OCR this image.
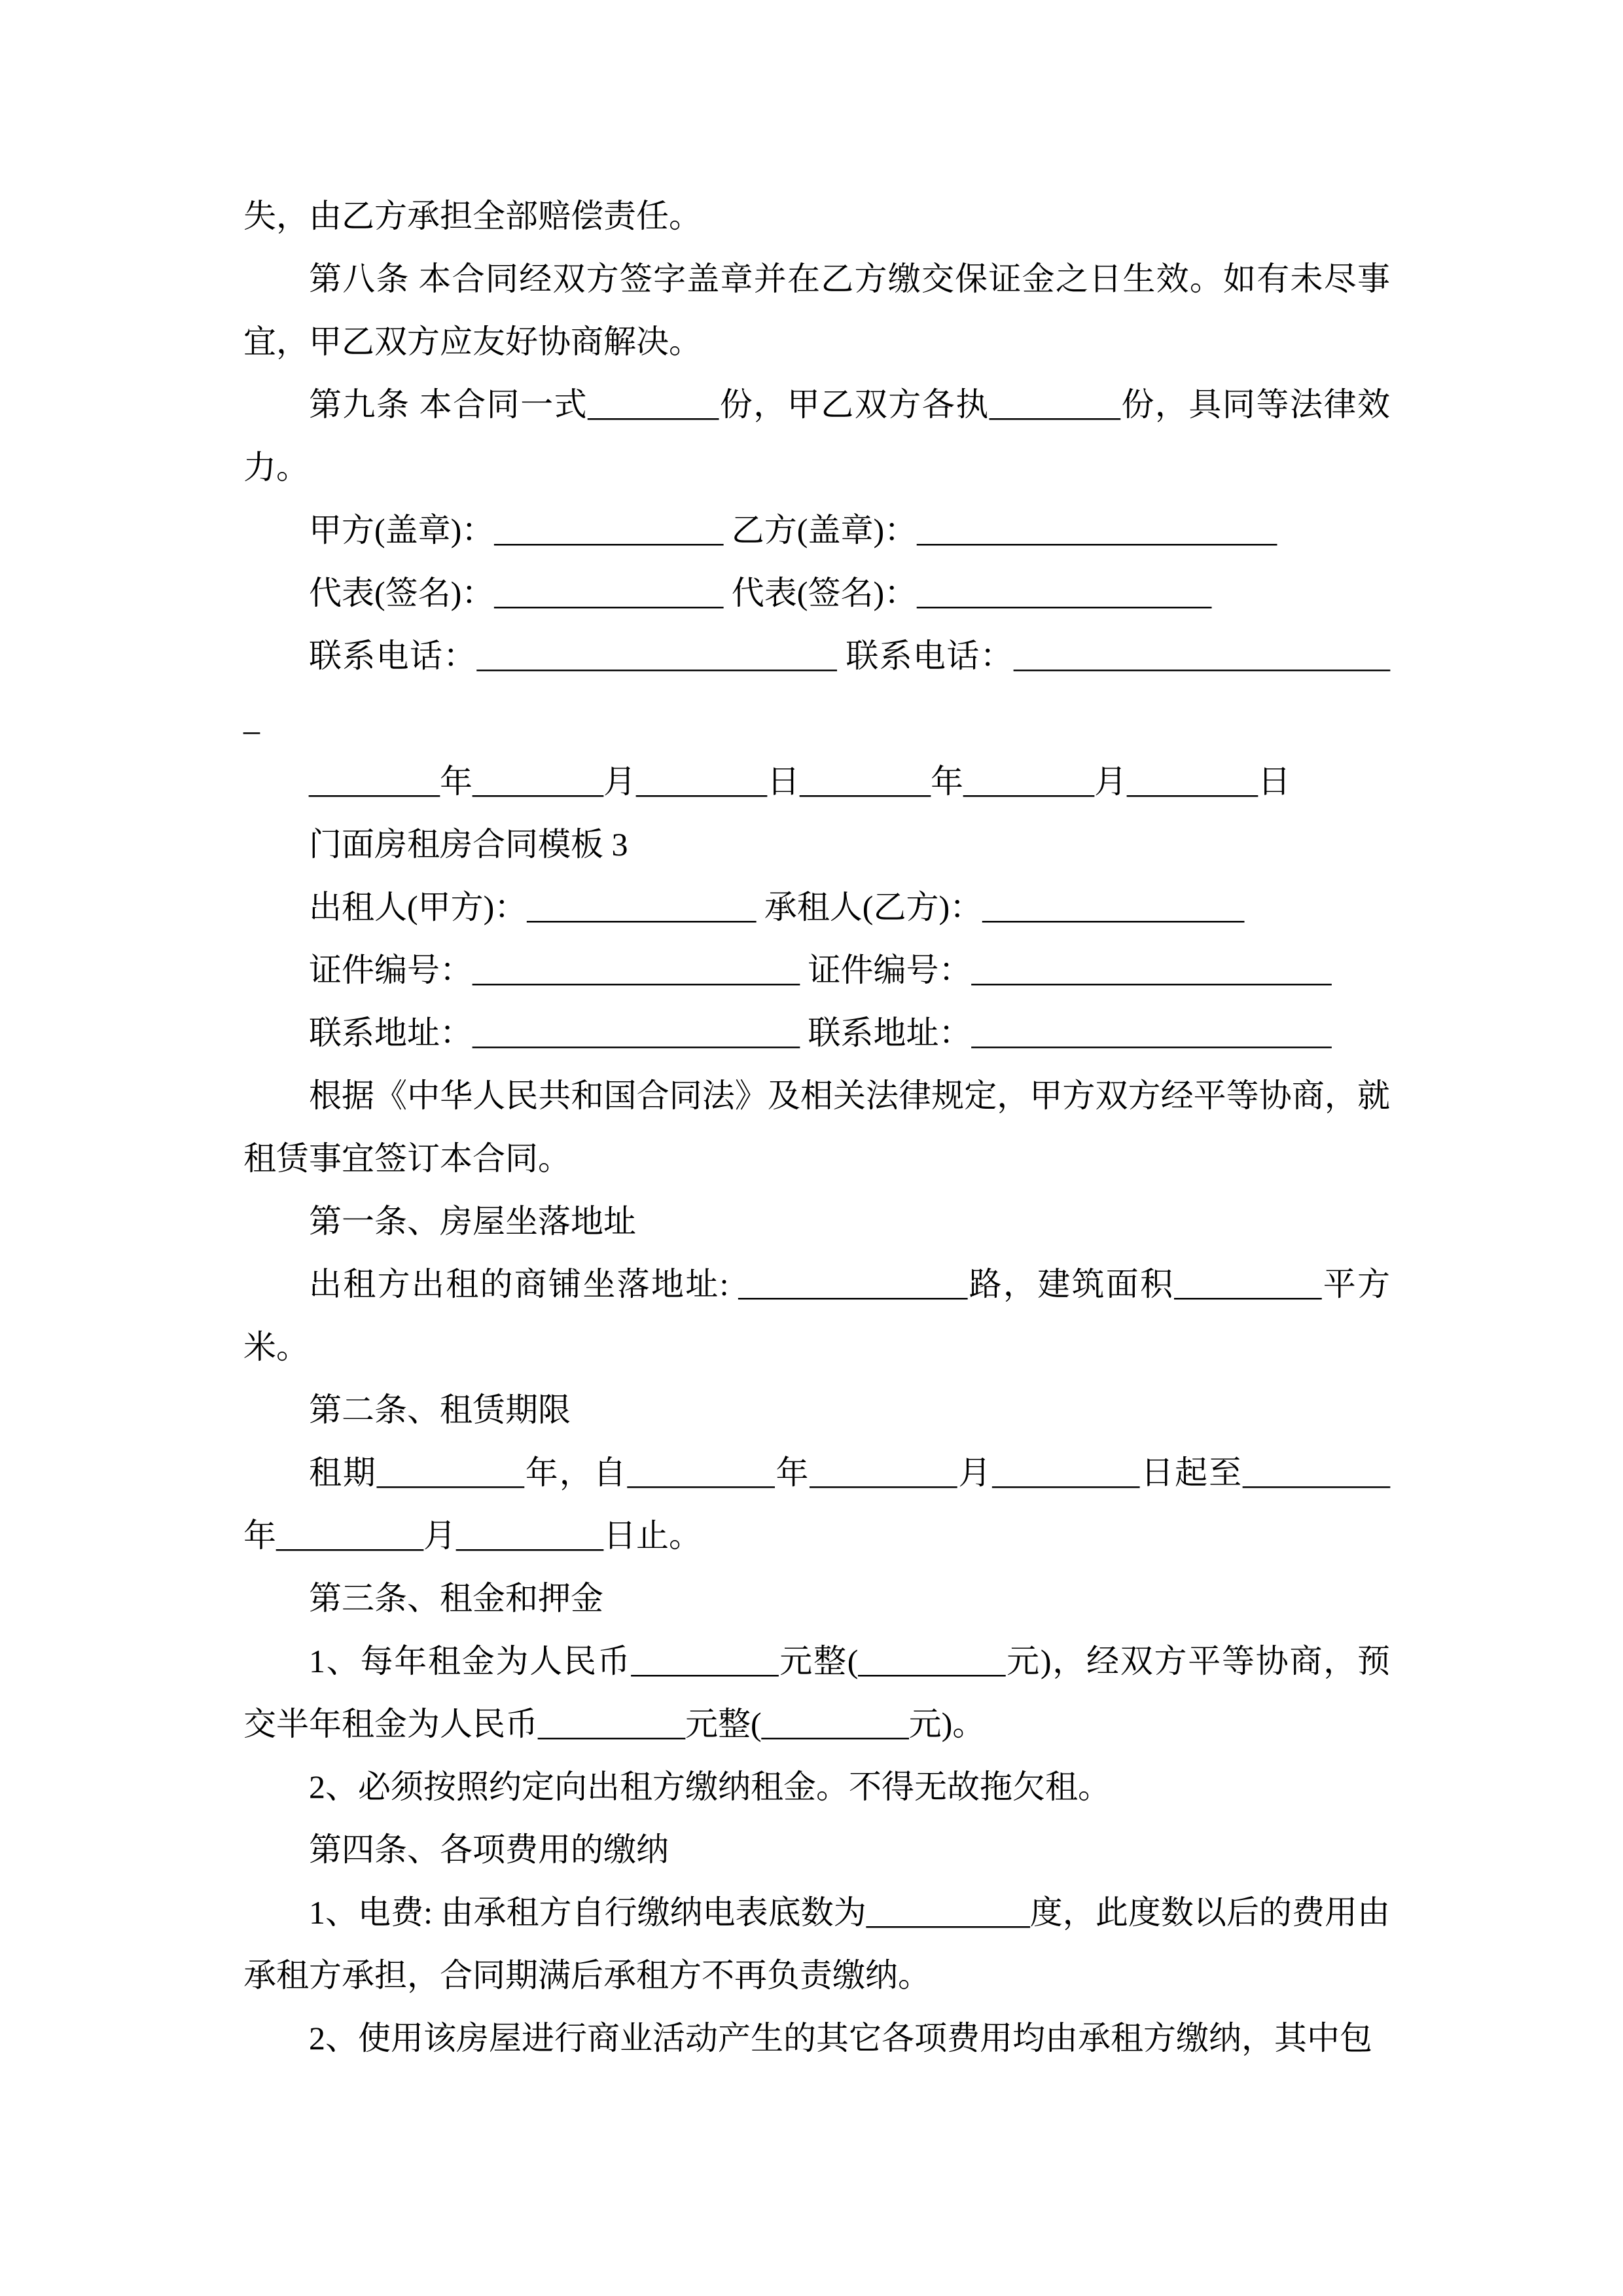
失，由乙方承担全部赔偿责任。

第八条 本合同经双方签字盖章并在乙方缴交保证金之日生效。如有未尽事宜，甲乙双方应友好协商解决。

第九条 本合同一式________份，甲乙双方各执________份，具同等法律效力。

甲方(盖章)：______________ 乙方(盖章)：______________________

代表(签名)：______________ 代表(签名)：__________________

联系电话：______________________ 联系电话：________________________

________年________月________日________年________月________日

门面房租房合同模板 3

出租人(甲方)：______________ 承租人(乙方)：________________

证件编号：____________________ 证件编号：______________________

联系地址：____________________ 联系地址：______________________

根据《中华人民共和国合同法》及相关法律规定，甲方双方经平等协商，就租赁事宜签订本合同。

第一条、房屋坐落地址

出租方出租的商铺坐落地址: ______________路，建筑面积_________平方米。

第二条、租赁期限

租期_________年，自_________年_________月_________日起至_________年_________月_________日止。

第三条、租金和押金

1、每年租金为人民币_________元整(_________元)，经双方平等协商，预交半年租金为人民币_________元整(_________元)。

2、必须按照约定向出租方缴纳租金。不得无故拖欠租。

第四条、各项费用的缴纳

1、电费: 由承租方自行缴纳电表底数为__________度，此度数以后的费用由承租方承担，合同期满后承租方不再负责缴纳。

2、使用该房屋进行商业活动产生的其它各项费用均由承租方缴纳，其中包
